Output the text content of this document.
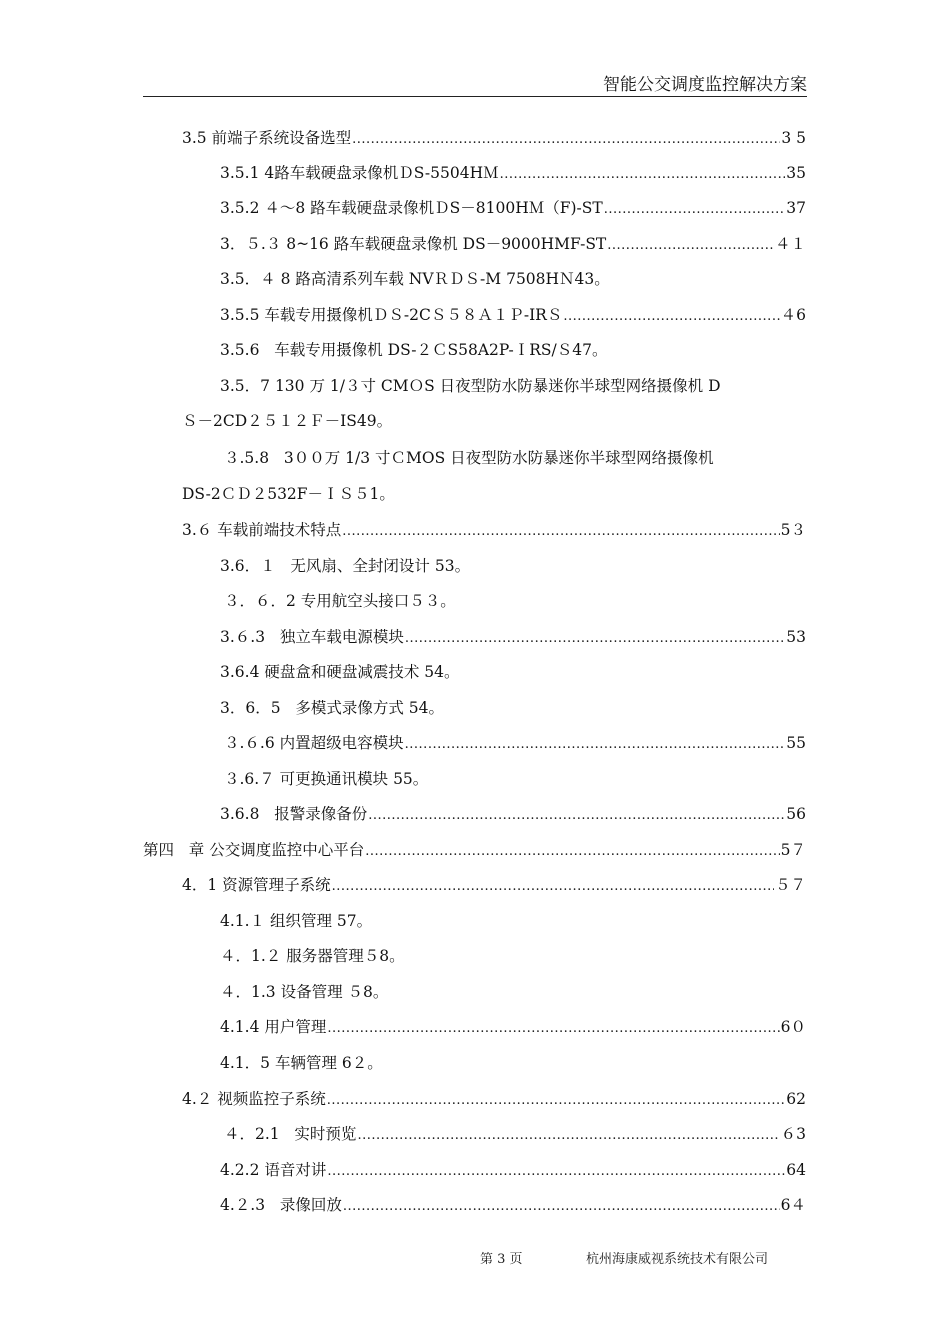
智能公交调度监控解决方案
3.5 前端子系统设备选型 .....	3 5
3.5.1 4路车载硬盘录像机ＤS-5504HＭ .....	35
3.5.2 ４～8 路车载硬盘录像机ＤS－8100HＭ（F)-ST .....	37
3．５.３ 8~16 路车载硬盘录像机 DS－9000HMF-ST .....	４１
3.5．４ 8 路高清系列车载 NVＲＤＳ-M 7508HＮ43。
3.5.5 车载专用摄像机ＤＳ-2CＳ５８Ａ１Ｐ-IRＳ .....	４6
3.5.6   车载专用摄像机 DS-２ＣS58A2P-ＩRS/Ｓ47。
3.5．7 130 万 1/３寸 CMＯS 日夜型防水防暴迷你半球型网络摄像机 D
Ｓ－2CD２５１２Ｆ－IS49。
３.5.8   3００万 1/3 寸ＣMOS 日夜型防水防暴迷你半球型网络摄像机
DS-2ＣＤ２532F－ＩＳ５1。
3.６ 车载前端技术特点 .....	5３
3.6．１   无风扇、全封闭设计 53。
３．６．2 专用航空头接口５３。
3.６.3   独立车载电源模块 .....	53
3.6.4 硬盘盒和硬盘减震技术 54。
3．6．5   多模式录像方式 54。
３.６.6 内置超级电容模块 .....	55
３.6.７ 可更换通讯模块 55。
3.6.8   报警录像备份 .....	56
第四   章 公交调度监控中心平台 .....	5７
4．1 资源管理子系统 .....	５７
4.1.１ 组织管理 57。
４．1.２ 服务器管理５8。
４．1.3 设备管理 ５8。
4.1.4 用户管理 .....	6０
4.1．5 车辆管理 6２。
4.２ 视频监控子系统 .....	62
４．2.1   实时预览 .....	６3
4.2.2 语音对讲 .....	64
4.２.3   录像回放 .....	6４
第 3 页	杭州海康威视系统技术有限公司
